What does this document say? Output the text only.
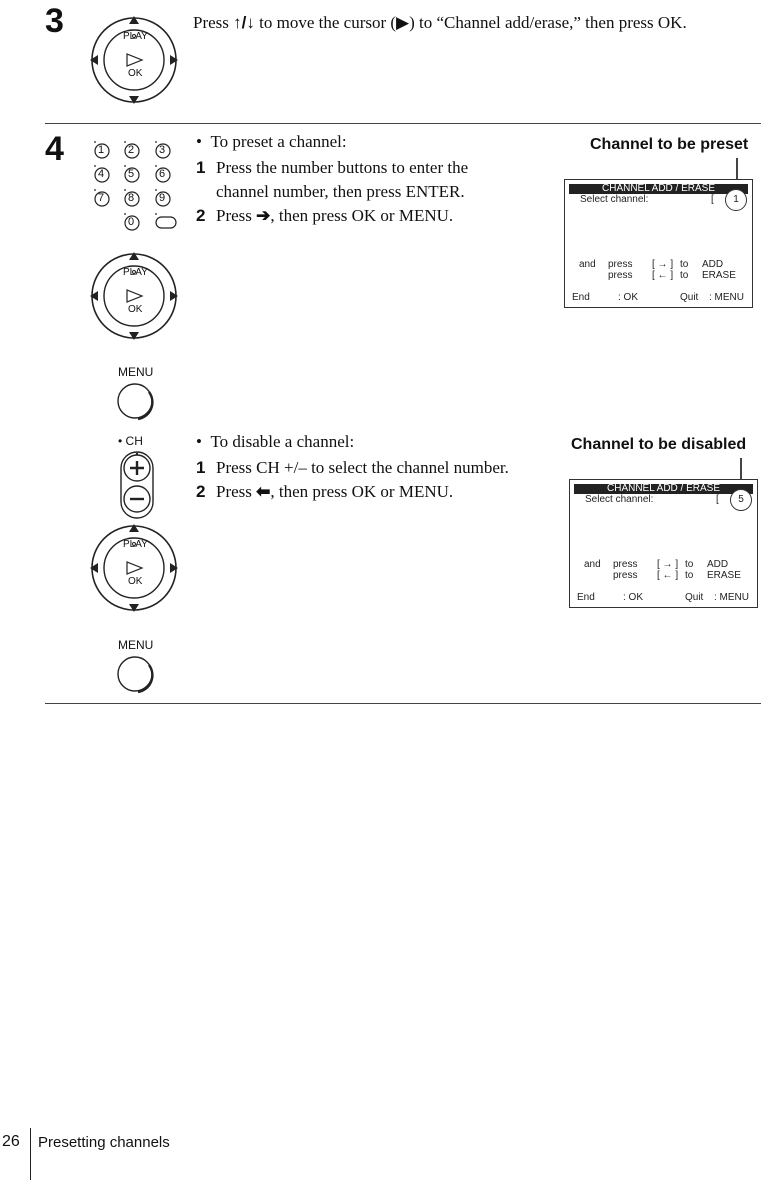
3	PLAY
OK
Press ↑/↓ to move the cursor (▶) to “Channel add/erase,” then press OK.
4	1 2 3
4 5 6
7 8 9
0
PLAY
OK
MENU
• To preset a channel:
1 Press the number buttons to enter the
channel number, then press ENTER.
2 Press ➔, then press OK or MENU.
Channel to be preset
CHANNEL ADD / ERASE
Select channel:	[	1
and press [ → ] to ADD
press [ ← ] to ERASE
End	: OK	Quit : MENU
• CH
PLAY
OK
MENU
• To disable a channel:
1 Press CH +/– to select the channel number.
2 Press ⬅, then press OK or MENU.
Channel to be disabled
CHANNEL ADD / ERASE
Select channel:	[	5
and press [ → ] to ADD
press [ ← ] to ERASE
End	: OK	Quit : MENU
26 Presetting channels
